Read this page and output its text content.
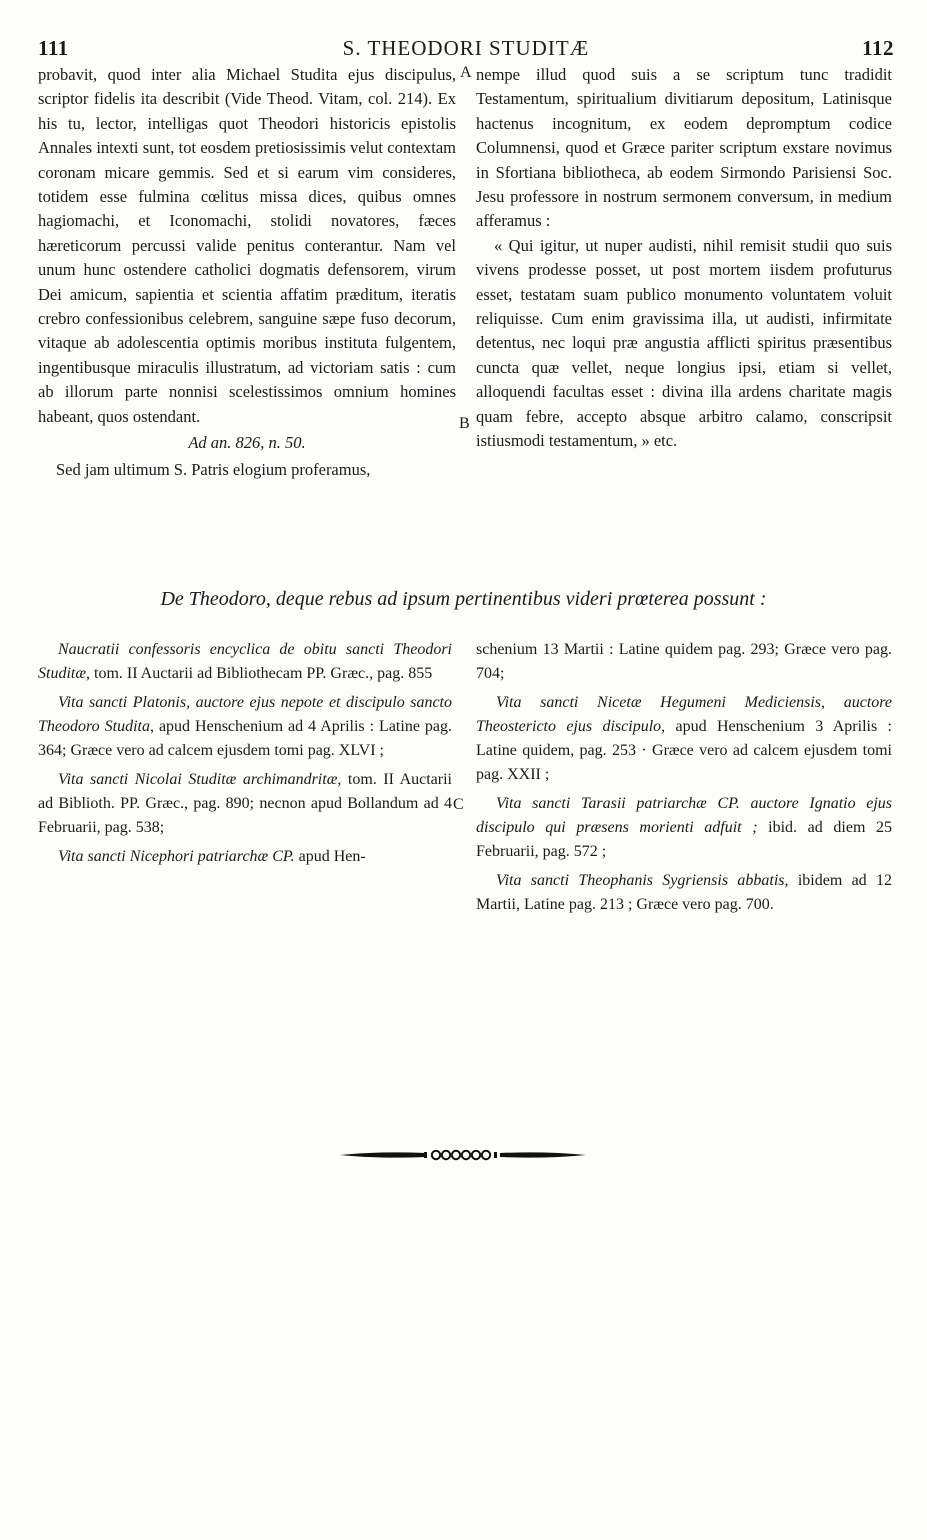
111	S. THEODORI STUDITÆ	112
A
B
C

probavit, quod inter alia Michael Studita ejus discipulus, scriptor fidelis ita describit (Vide Theod. Vitam, col. 214). Ex his tu, lector, intelligas quot Theodori historicis epistolis Annales intexti sunt, tot eosdem pretiosissimis velut contextam coronam micare gemmis. Sed et si earum vim consideres, totidem esse fulmina cœlitus missa dices, quibus omnes hagiomachi, et Iconomachi, stolidi novatores, fæces hæreticorum percussi valide penitus conterantur. Nam vel unum hunc ostendere catholici dogmatis defensorem, virum Dei amicum, sapientia et scientia affatim præditum, iteratis crebro confessionibus celebrem, sanguine sæpe fuso decorum, vitaque ab adolescentia optimis moribus instituta fulgentem, ingentibusque miraculis illustratum, ad victoriam satis : cum ab illorum parte nonnisi scelestissimos omnium homines habeant, quos ostendant.

Ad an. 826, n. 50.

Sed jam ultimum S. Patris elogium proferamus,

nempe illud quod suis a se scriptum tunc tradidit Testamentum, spiritualium divitiarum depositum, Latinisque hactenus incognitum, ex eodem depromptum codice Columnensi, quod et Græce pariter scriptum exstare novimus in Sfortiana bibliotheca, ab eodem Sirmondo Parisiensi Soc. Jesu professore in nostrum sermonem conversum, in medium afferamus :

« Qui igitur, ut nuper audisti, nihil remisit studii quo suis vivens prodesse posset, ut post mortem iisdem profuturus esset, testatam suam publico monumento voluntatem voluit reliquisse. Cum enim gravissima illa, ut audisti, infirmitate detentus, nec loqui præ angustia afflicti spiritus præsentibus cuncta quæ vellet, neque longius ipsi, etiam si vellet, alloquendi facultas esset : divina illa ardens charitate magis quam febre, accepto absque arbitro calamo, conscripsit istiusmodi testamentum, » etc.

De Theodoro, deque rebus ad ipsum pertinentibus videri prœterea possunt :

Naucratii confessoris encyclica de obitu sancti Theodori Studitæ, tom. II Auctarii ad Bibliothecam PP. Græc., pag. 855

Vita sancti Platonis, auctore ejus nepote et discipulo sancto Theodoro Studita, apud Henschenium ad 4 Aprilis : Latine pag. 364; Græce vero ad calcem ejusdem tomi pag. XLVI ;

Vita sancti Nicolai Studitæ archimandritæ, tom. II Auctarii ad Biblioth. PP. Græc., pag. 890; necnon apud Bollandum ad 4 Februarii, pag. 538;

Vita sancti Nicephori patriarchæ CP. apud Hen-

schenium 13 Martii : Latine quidem pag. 293; Græce vero pag. 704;

Vita sancti Nicetæ Hegumeni Mediciensis, auctore Theostericto ejus discipulo, apud Henschenium 3 Aprilis : Latine quidem, pag. 253 · Græce vero ad calcem ejusdem tomi pag. XXII ;

Vita sancti Tarasii patriarchæ CP. auctore Ignatio ejus discipulo qui præsens morienti adfuit ; ibid. ad diem 25 Februarii, pag. 572 ;

Vita sancti Theophanis Sygriensis abbatis, ibidem ad 12 Martii, Latine pag. 213 ; Græce vero pag. 700.
